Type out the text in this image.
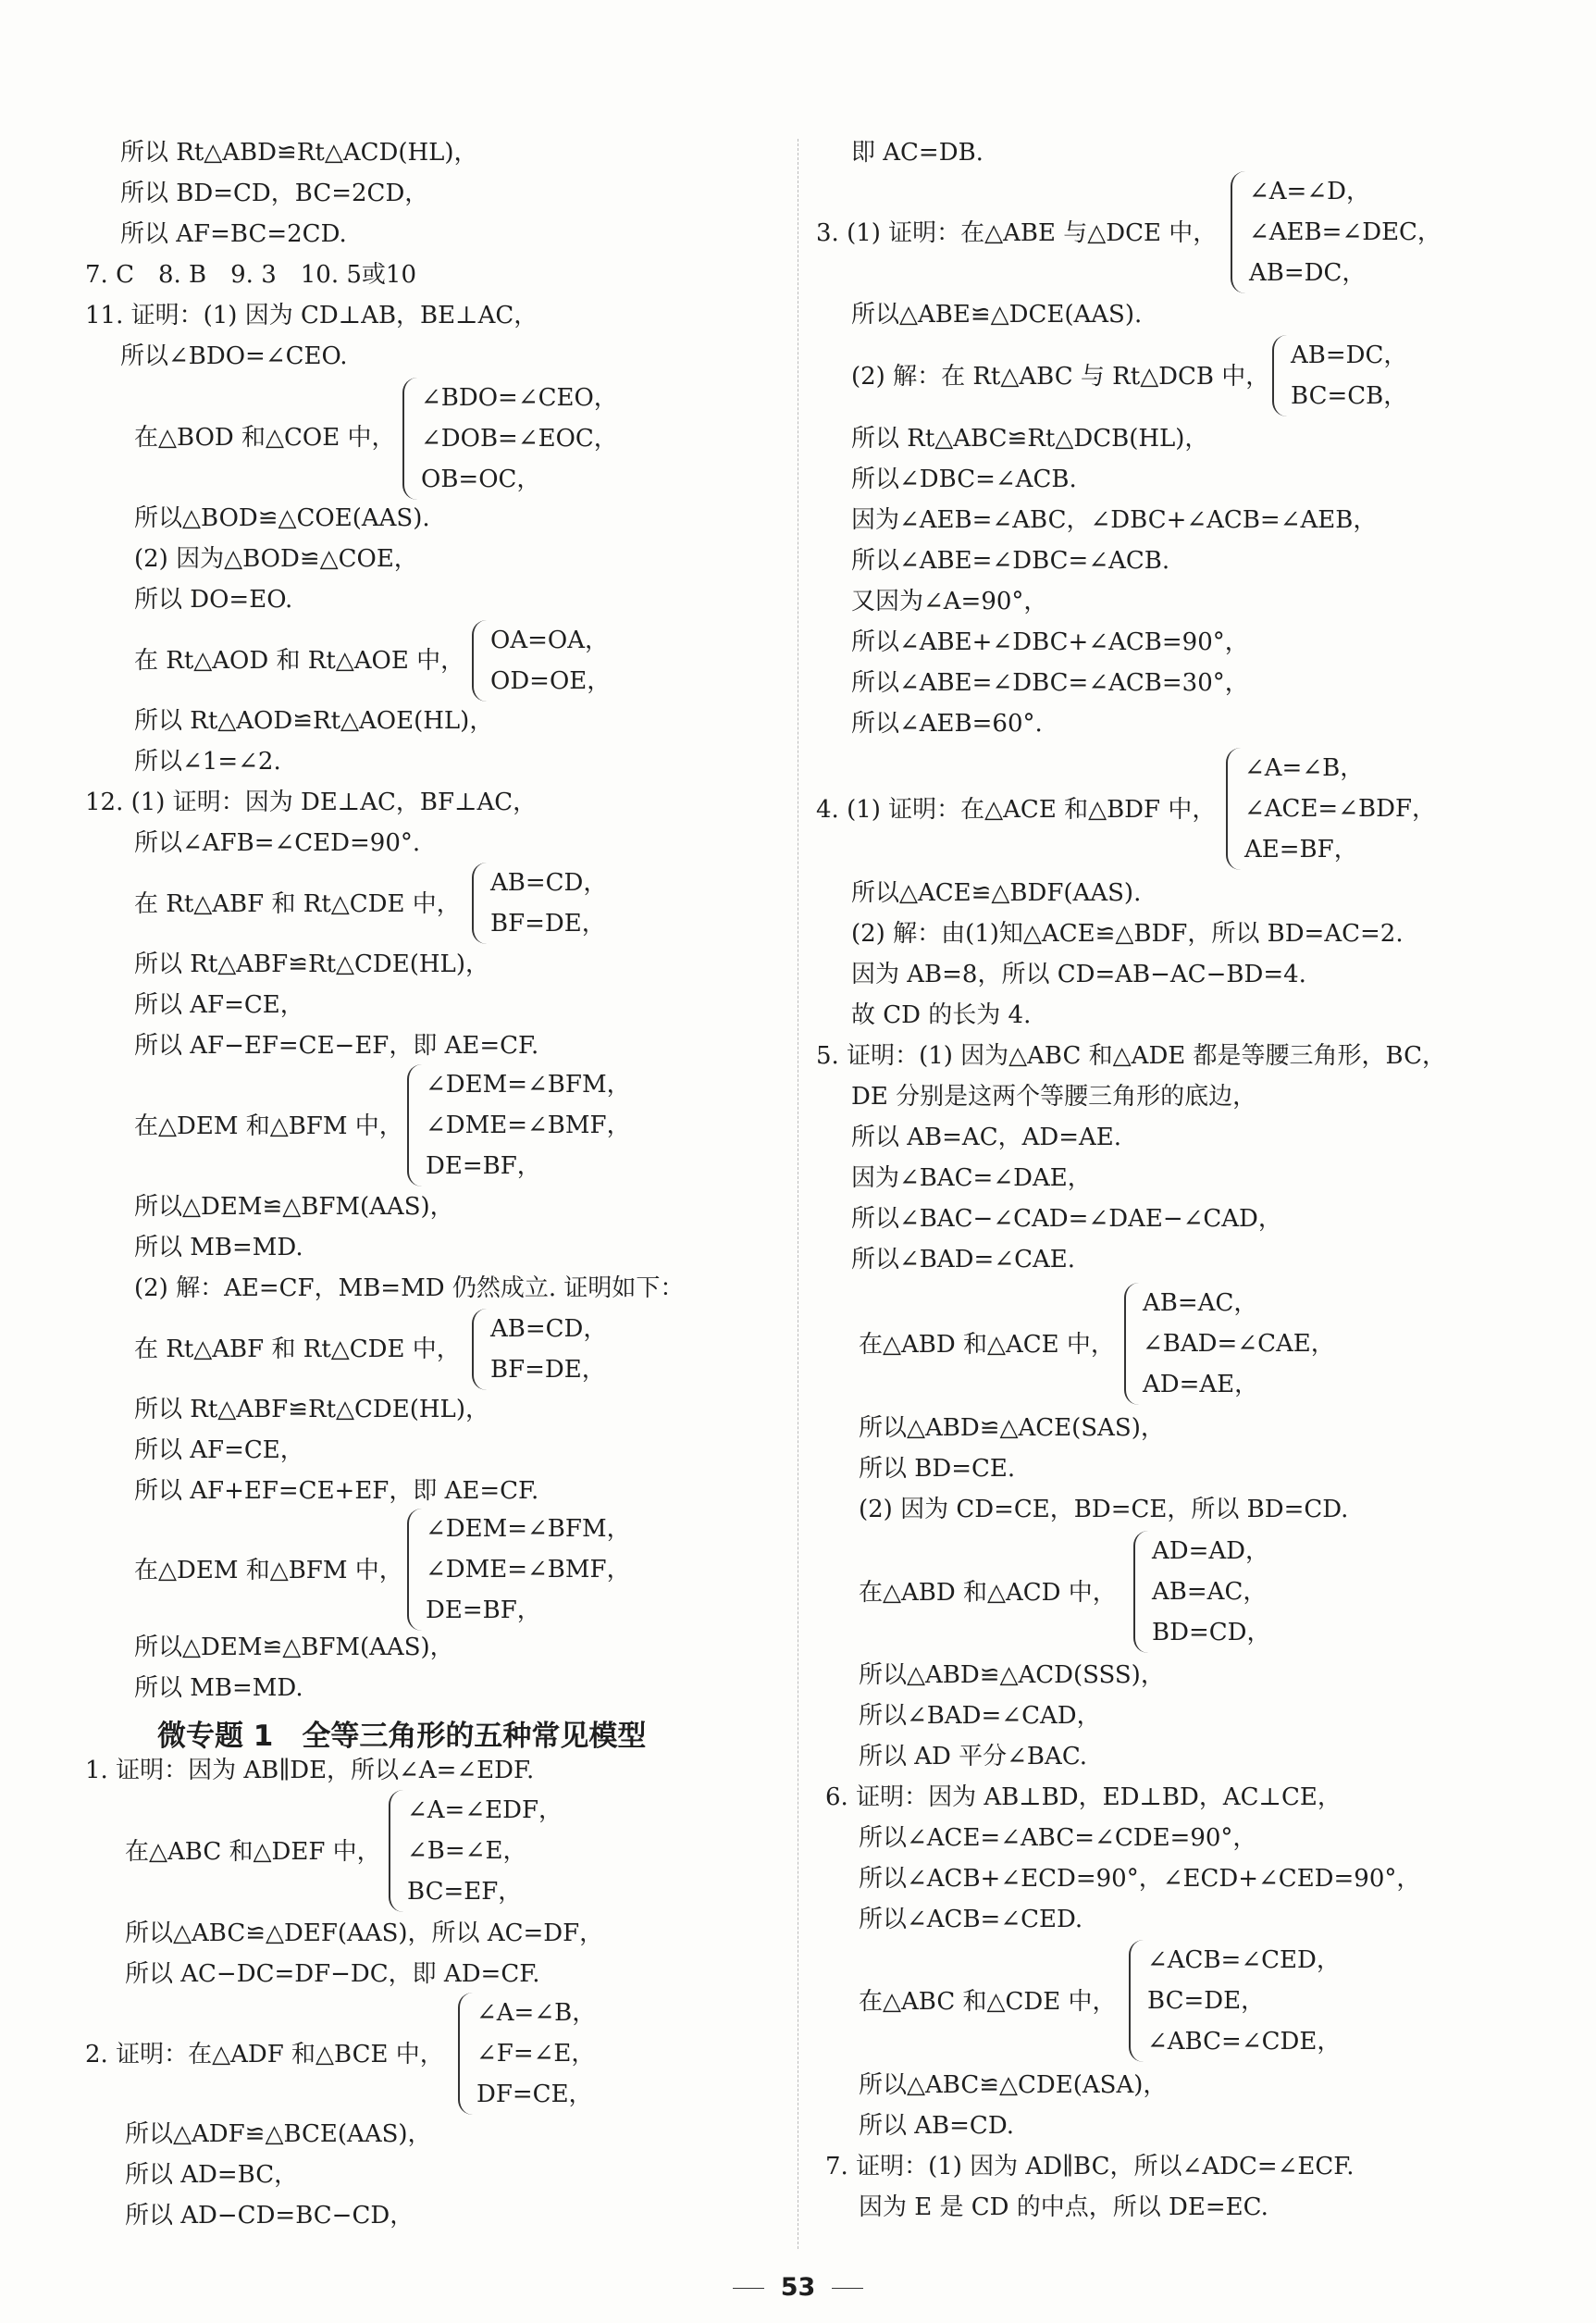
所以 Rt△ABD≌Rt△ACD(HL)，
所以 BD=CD，BC=2CD，
所以 AF=BC=2CD.
7. C　8. B　9. 3　10. 5或10
11. 证明：(1) 因为 CD⊥AB，BE⊥AC，
所以∠BDO=∠CEO.
在△BOD 和△COE 中，
∠BDO=∠CEO，
∠DOB=∠EOC，
OB=OC，
所以△BOD≌△COE(AAS).
(2) 因为△BOD≌△COE，
所以 DO=EO.
在 Rt△AOD 和 Rt△AOE 中，
OA=OA，
OD=OE，
所以 Rt△AOD≌Rt△AOE(HL)，
所以∠1=∠2.
12. (1) 证明：因为 DE⊥AC，BF⊥AC，
所以∠AFB=∠CED=90°.
在 Rt△ABF 和 Rt△CDE 中，
AB=CD，
BF=DE，
所以 Rt△ABF≌Rt△CDE(HL)，
所以 AF=CE，
所以 AF−EF=CE−EF，即 AE=CF.
在△DEM 和△BFM 中，
∠DEM=∠BFM，
∠DME=∠BMF，
DE=BF，
所以△DEM≌△BFM(AAS)，
所以 MB=MD.
(2) 解：AE=CF，MB=MD 仍然成立. 证明如下：
在 Rt△ABF 和 Rt△CDE 中，
AB=CD，
BF=DE，
所以 Rt△ABF≌Rt△CDE(HL)，
所以 AF=CE，
所以 AF+EF=CE+EF，即 AE=CF.
在△DEM 和△BFM 中，
∠DEM=∠BFM，
∠DME=∠BMF，
DE=BF，
所以△DEM≌△BFM(AAS)，
所以 MB=MD.
微专题 1　全等三角形的五种常见模型
1. 证明：因为 AB∥DE，所以∠A=∠EDF.
在△ABC 和△DEF 中，
∠A=∠EDF，
∠B=∠E，
BC=EF，
所以△ABC≌△DEF(AAS)，所以 AC=DF，
所以 AC−DC=DF−DC，即 AD=CF.
2. 证明：在△ADF 和△BCE 中，
∠A=∠B，
∠F=∠E，
DF=CE，
所以△ADF≌△BCE(AAS)，
所以 AD=BC，
所以 AD−CD=BC−CD，
即 AC=DB.
3. (1) 证明：在△ABE 与△DCE 中，
∠A=∠D，
∠AEB=∠DEC，
AB=DC，
所以△ABE≌△DCE(AAS).
(2) 解：在 Rt△ABC 与 Rt△DCB 中，
AB=DC，
BC=CB，
所以 Rt△ABC≌Rt△DCB(HL)，
所以∠DBC=∠ACB.
因为∠AEB=∠ABC，∠DBC+∠ACB=∠AEB，
所以∠ABE=∠DBC=∠ACB.
又因为∠A=90°，
所以∠ABE+∠DBC+∠ACB=90°，
所以∠ABE=∠DBC=∠ACB=30°，
所以∠AEB=60°.
4. (1) 证明：在△ACE 和△BDF 中，
∠A=∠B，
∠ACE=∠BDF，
AE=BF，
所以△ACE≌△BDF(AAS).
(2) 解：由(1)知△ACE≌△BDF，所以 BD=AC=2.
因为 AB=8，所以 CD=AB−AC−BD=4.
故 CD 的长为 4.
5. 证明：(1) 因为△ABC 和△ADE 都是等腰三角形，BC，
DE 分别是这两个等腰三角形的底边，
所以 AB=AC，AD=AE.
因为∠BAC=∠DAE，
所以∠BAC−∠CAD=∠DAE−∠CAD，
所以∠BAD=∠CAE.
在△ABD 和△ACE 中，
AB=AC，
∠BAD=∠CAE，
AD=AE，
所以△ABD≌△ACE(SAS)，
所以 BD=CE.
(2) 因为 CD=CE，BD=CE，所以 BD=CD.
在△ABD 和△ACD 中，
AD=AD，
AB=AC，
BD=CD，
所以△ABD≌△ACD(SSS)，
所以∠BAD=∠CAD，
所以 AD 平分∠BAC.
6. 证明：因为 AB⊥BD，ED⊥BD，AC⊥CE，
所以∠ACE=∠ABC=∠CDE=90°，
所以∠ACB+∠ECD=90°，∠ECD+∠CED=90°，
所以∠ACB=∠CED.
在△ABC 和△CDE 中，
∠ACB=∠CED，
BC=DE，
∠ABC=∠CDE，
所以△ABC≌△CDE(ASA)，
所以 AB=CD.
7. 证明：(1) 因为 AD∥BC，所以∠ADC=∠ECF.
因为 E 是 CD 的中点，所以 DE=EC.
53
